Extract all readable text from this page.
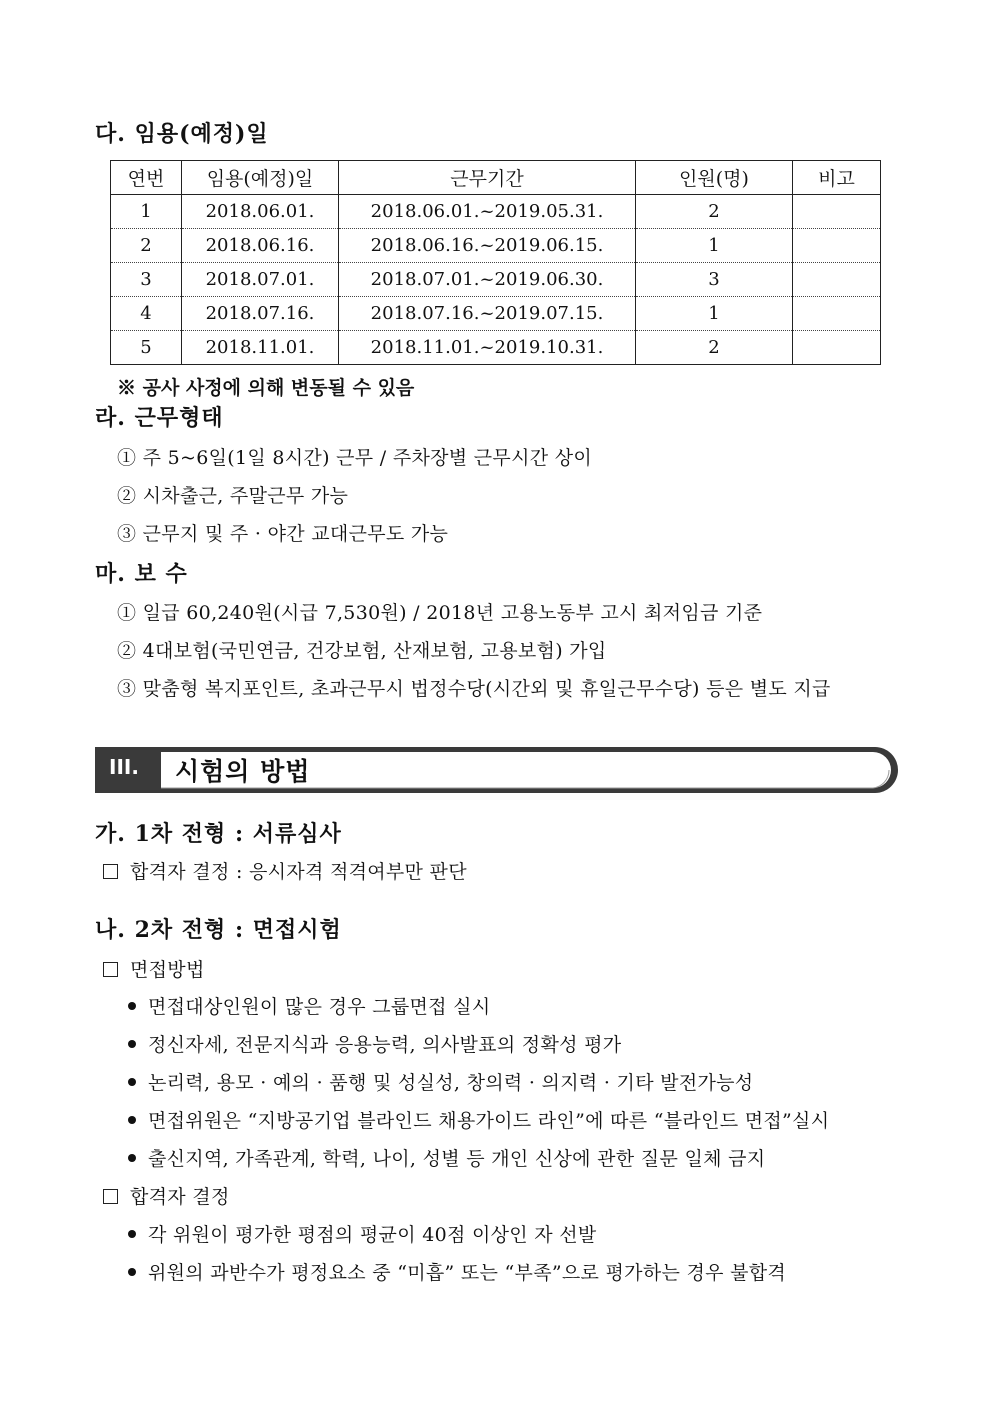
다. 임용(예정)일
연번	임용(예정)일	근무기간	인원(명)	비고
1	2018.06.01.	2018.06.01.~2019.05.31.	2	
2	2018.06.16.	2018.06.16.~2019.06.15.	1	
3	2018.07.01.	2018.07.01.~2019.06.30.	3	
4	2018.07.16.	2018.07.16.~2019.07.15.	1	
5	2018.11.01.	2018.11.01.~2019.10.31.	2	
※ 공사 사정에 의해 변동될 수 있음
라. 근무형태
① 주 5~6일(1일 8시간) 근무 / 주차장별 근무시간 상이
② 시차출근, 주말근무 가능
③ 근무지 및 주 · 야간 교대근무도 가능
마. 보 수
① 일급 60,240원(시급 7,530원) / 2018년 고용노동부 고시 최저임금 기준
② 4대보험(국민연금, 건강보험, 산재보험, 고용보험) 가입
③ 맞춤형 복지포인트, 초과근무시 법정수당(시간외 및 휴일근무수당) 등은 별도 지급
III. 시험의 방법
가. 1차 전형 : 서류심사
합격자 결정 : 응시자격 적격여부만 판단
나. 2차 전형 : 면접시험
면접방법
면접대상인원이 많은 경우 그룹면접 실시
정신자세, 전문지식과 응용능력, 의사발표의 정확성 평가
논리력, 용모 · 예의 · 품행 및 성실성, 창의력 · 의지력 · 기타 발전가능성
면접위원은 “지방공기업 블라인드 채용가이드 라인”에 따른 “블라인드 면접”실시
출신지역, 가족관계, 학력, 나이, 성별 등 개인 신상에 관한 질문 일체 금지
합격자 결정
각 위원이 평가한 평점의 평균이 40점 이상인 자 선발
위원의 과반수가 평정요소 중 “미흡” 또는 “부족”으로 평가하는 경우 불합격
